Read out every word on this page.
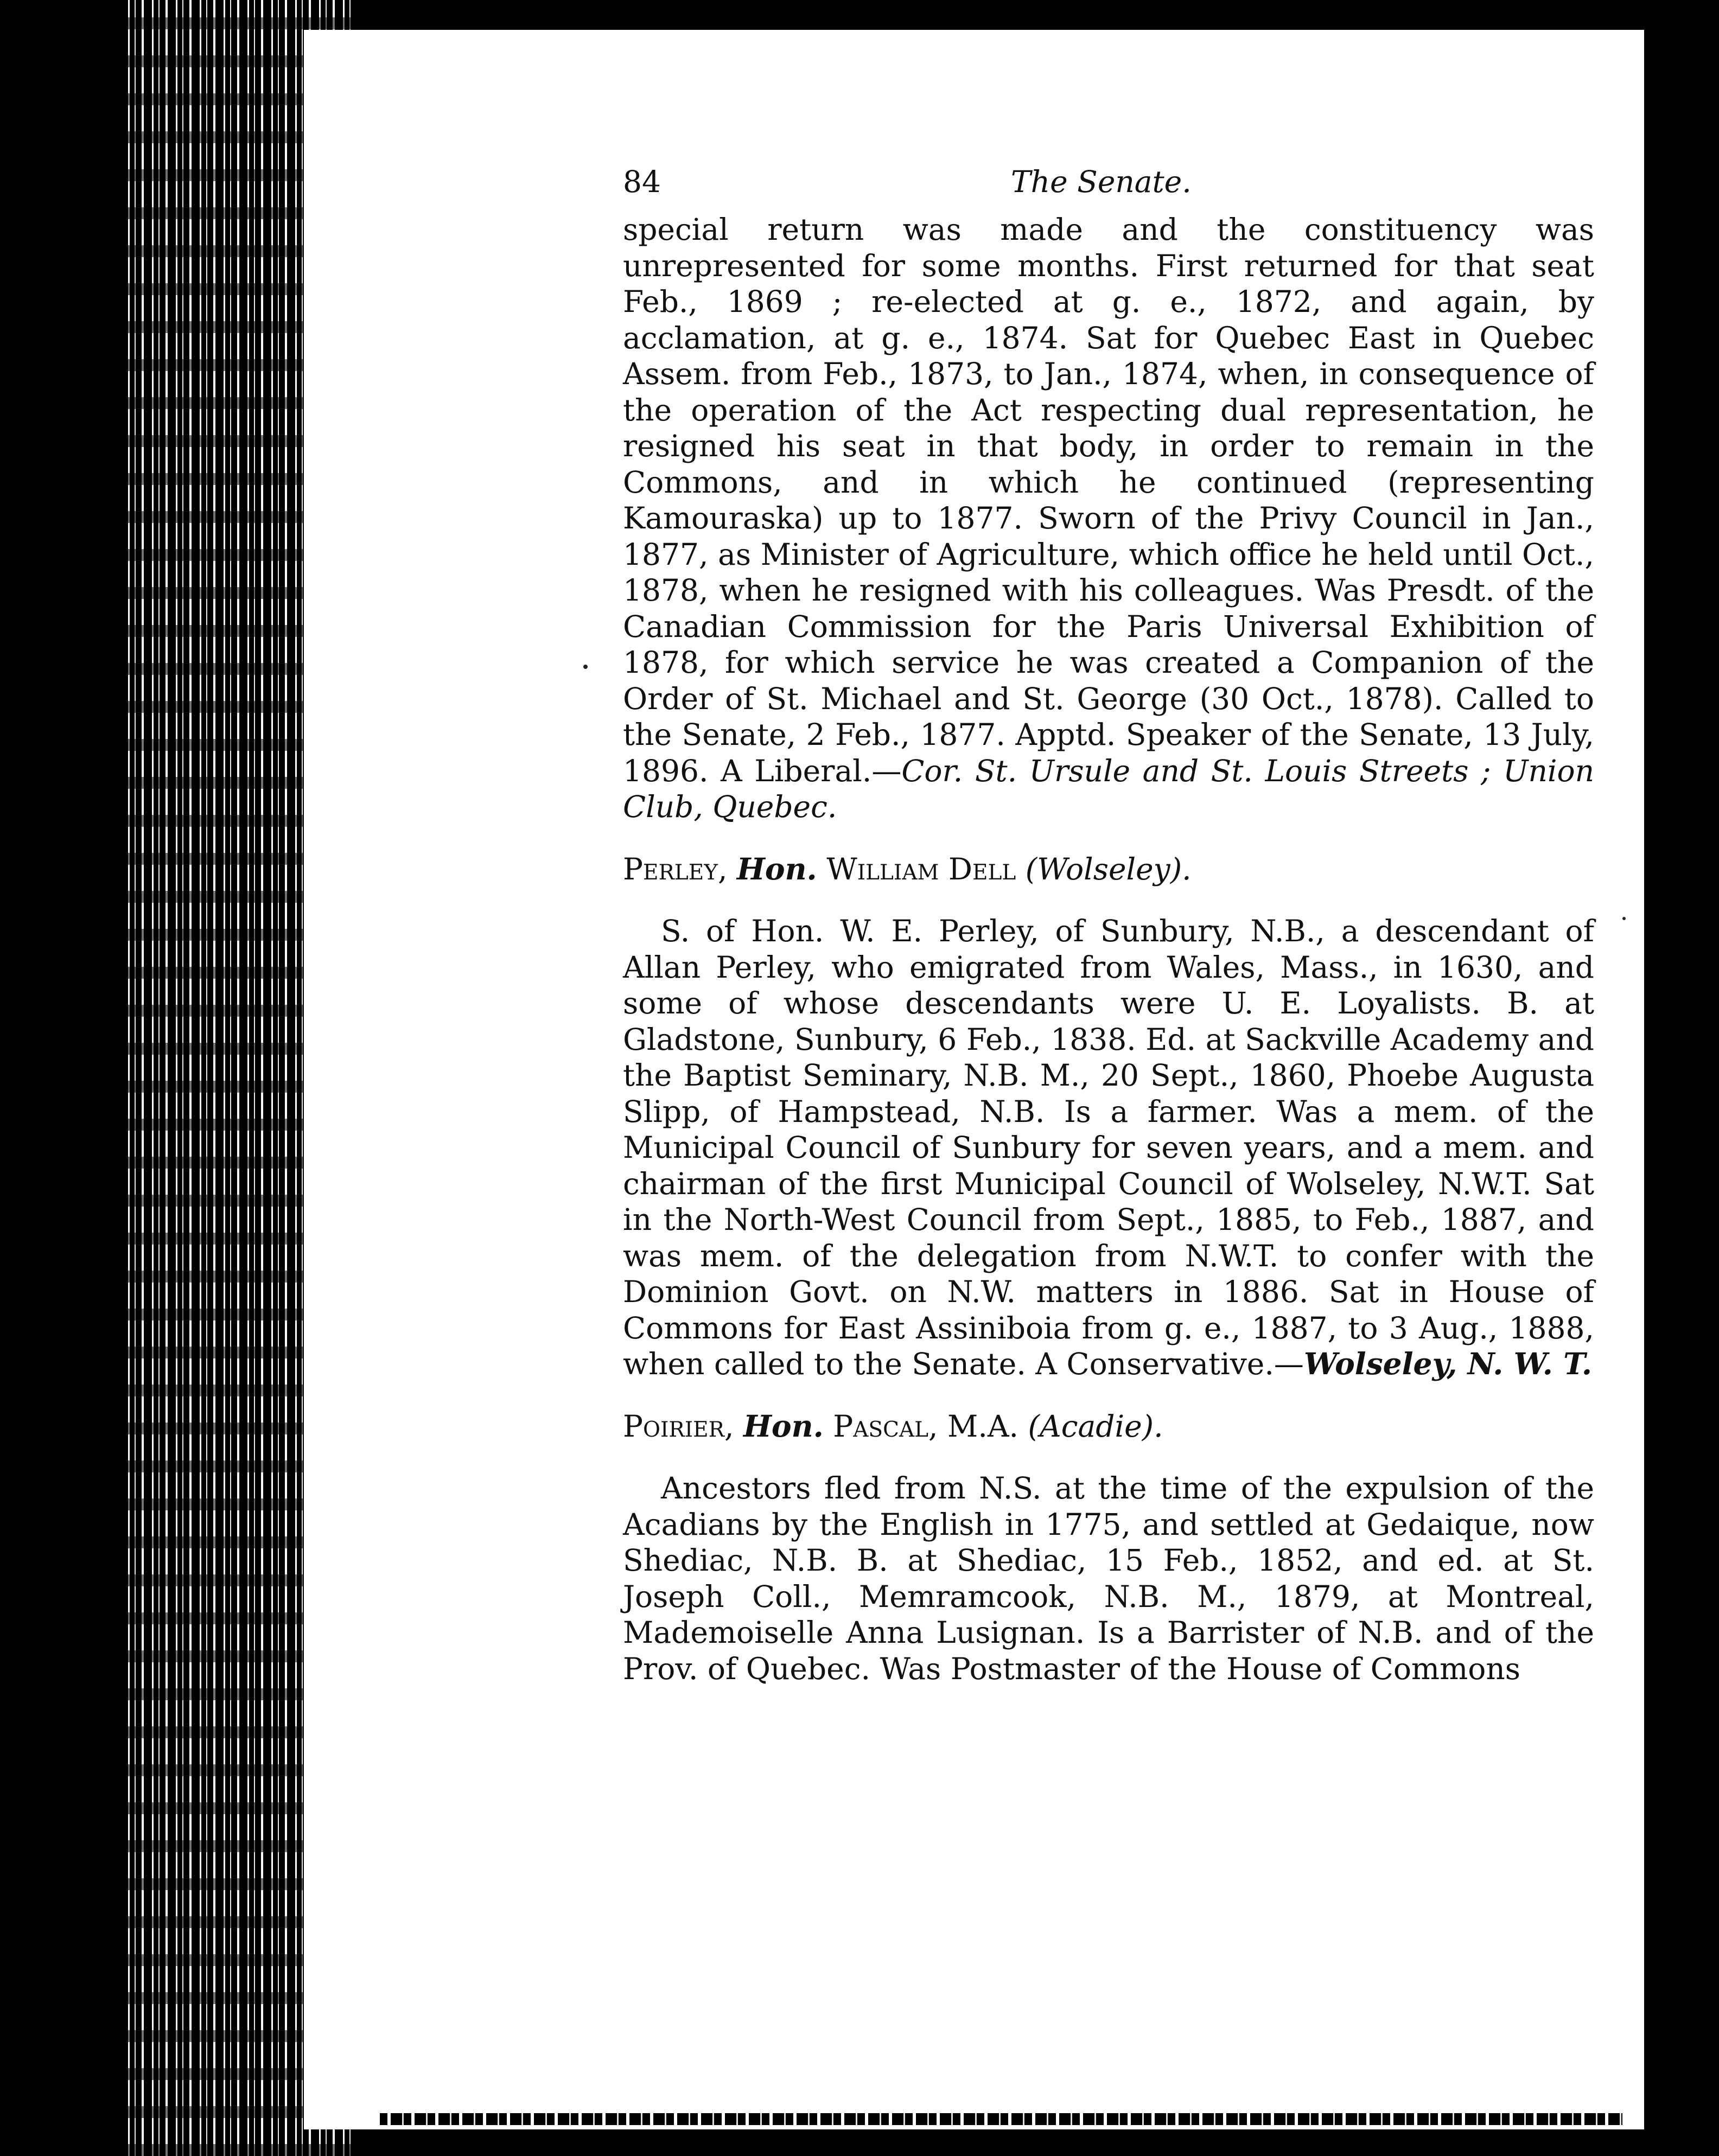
84	The Senate.

special return was made and the constituency was unrepresented for some months. First returned for that seat Feb., 1869 ; re-elected at g. e., 1872, and again, by acclamation, at g. e., 1874. Sat for Quebec East in Quebec Assem. from Feb., 1873, to Jan., 1874, when, in consequence of the operation of the Act respecting dual representation, he resigned his seat in that body, in order to remain in the Commons, and in which he continued (representing Kamouraska) up to 1877. Sworn of the Privy Council in Jan., 1877, as Minister of Agriculture, which office he held until Oct., 1878, when he resigned with his colleagues. Was Presdt. of the Canadian Commission for the Paris Universal Exhibition of 1878, for which service he was created a Companion of the Order of St. Michael and St. George (30 Oct., 1878). Called to the Senate, 2 Feb., 1877. Apptd. Speaker of the Senate, 13 July, 1896. A Liberal.—Cor. St. Ursule and St. Louis Streets ; Union Club, Quebec.

Perley, Hon. William Dell (Wolseley).

S. of Hon. W. E. Perley, of Sunbury, N.B., a descendant of Allan Perley, who emigrated from Wales, Mass., in 1630, and some of whose descendants were U. E. Loyalists. B. at Gladstone, Sunbury, 6 Feb., 1838. Ed. at Sackville Academy and the Baptist Seminary, N.B. M., 20 Sept., 1860, Phoebe Augusta Slipp, of Hampstead, N.B. Is a farmer. Was a mem. of the Municipal Council of Sunbury for seven years, and a mem. and chairman of the first Municipal Council of Wolseley, N.W.T. Sat in the North-West Council from Sept., 1885, to Feb., 1887, and was mem. of the delegation from N.W.T. to confer with the Dominion Govt. on N.W. matters in 1886. Sat in House of Commons for East Assiniboia from g. e., 1887, to 3 Aug., 1888, when called to the Senate. A Conservative.—Wolseley, N. W. T.

Poirier, Hon. Pascal, M.A. (Acadie).

Ancestors fled from N.S. at the time of the expulsion of the Acadians by the English in 1775, and settled at Gedaique, now Shediac, N.B. B. at Shediac, 15 Feb., 1852, and ed. at St. Joseph Coll., Memramcook, N.B. M., 1879, at Montreal, Mademoiselle Anna Lusignan. Is a Barrister of N.B. and of the Prov. of Quebec. Was Postmaster of the House of Commons
